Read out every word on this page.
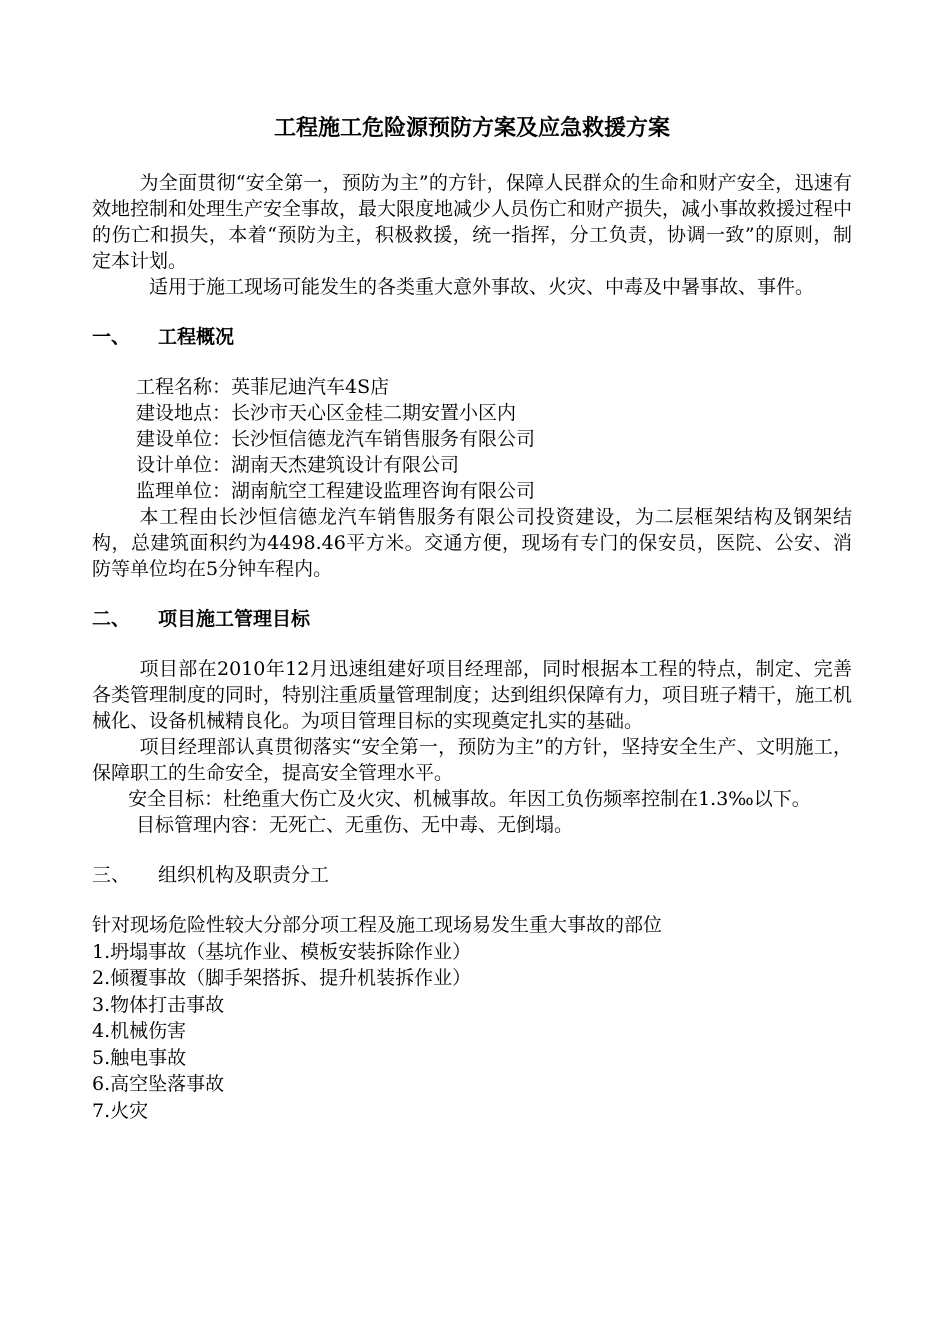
工程施工危险源预防方案及应急救援方案

为全面贯彻“安全第一，预防为主”的方针，保障人民群众的生命和财产安全，迅速有效地控制和处理生产安全事故，最大限度地减少人员伤亡和财产损失，减小事故救援过程中的伤亡和损失，本着“预防为主，积极救援，统一指挥，分工负责，协调一致”的原则，制定本计划。

适用于施工现场可能发生的各类重大意外事故、火灾、中毒及中暑事故、事件。

一、	工程概况

工程名称：英菲尼迪汽车4S店

建设地点：长沙市天心区金桂二期安置小区内

建设单位：长沙恒信德龙汽车销售服务有限公司

设计单位：湖南天杰建筑设计有限公司

监理单位：湖南航空工程建设监理咨询有限公司

本工程由长沙恒信德龙汽车销售服务有限公司投资建设，为二层框架结构及钢架结构，总建筑面积约为4498.46平方米。交通方便，现场有专门的保安员，医院、公安、消防等单位均在5分钟车程内。

二、	项目施工管理目标

项目部在2010年12月迅速组建好项目经理部，同时根据本工程的特点，制定、完善各类管理制度的同时，特别注重质量管理制度；达到组织保障有力，项目班子精干，施工机械化、设备机械精良化。为项目管理目标的实现奠定扎实的基础。

项目经理部认真贯彻落实“安全第一，预防为主”的方针，坚持安全生产、文明施工，保障职工的生命安全，提高安全管理水平。

安全目标：杜绝重大伤亡及火灾、机械事故。年因工负伤频率控制在1.3‰以下。

目标管理内容：无死亡、无重伤、无中毒、无倒塌。

三、	组织机构及职责分工

针对现场危险性较大分部分项工程及施工现场易发生重大事故的部位

1.坍塌事故（基坑作业、模板安装拆除作业）

2.倾覆事故（脚手架搭拆、提升机装拆作业）

3.物体打击事故

4.机械伤害

5.触电事故

6.高空坠落事故

7.火灾
